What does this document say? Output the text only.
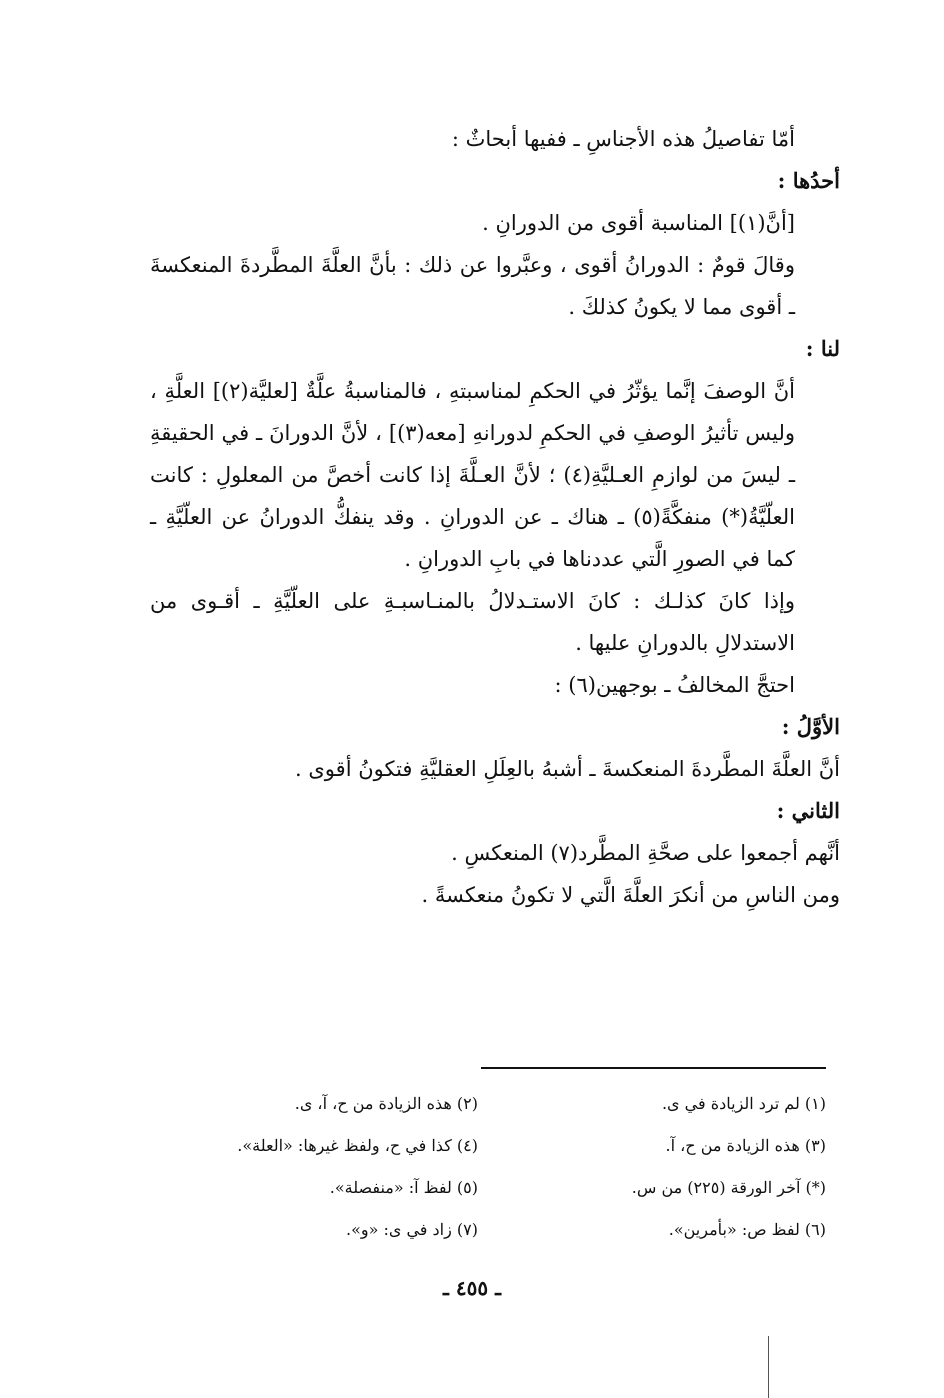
أمّا تفاصيلُ هذه الأجناسِ ـ ففيها أبحاثٌ :

أحدُها :

[أنَّ(١)] المناسبة أقوى من الدورانِ .

وقالَ قومٌ : الدورانُ أقوى ، وعبَّروا عن ذلك : بأنَّ العلَّةَ المطَّردةَ المنعكسةَ ـ أقوى مما لا يكونُ كذلكَ .

لنا :

أنَّ الوصفَ إنَّما يؤثّرُ في الحكمِ لمناسبتهِ ، فالمناسبةُ علَّةٌ [لعليَّة(٢)] العلَّةِ ، وليس تأثيرُ الوصفِ في الحكمِ لدورانهِ [معه(٣)] ، لأنَّ الدورانَ ـ في الحقيقةِ ـ ليسَ من لوازمِ العـليَّةِ(٤) ؛ لأنَّ العـلَّةَ إذا كانت أخصَّ من المعلولِ : كانت العلّيَّةُ(*) منفكَّةً(٥) ـ هناك ـ عن الدورانِ . وقد ينفكُّ الدورانُ عن العلّيَّةِ ـ كما في الصورِ الَّتي عددناها في بابِ الدورانِ .

وإذا كانَ كذلـك : كانَ الاستـدلالُ بالمنـاسبـةِ على العلّيَّةِ ـ أقـوى من الاستدلالِ بالدورانِ عليها .

احتجَّ المخالفُ ـ بوجهين(٦) :

الأوَّلُ :

أنَّ العلَّةَ المطَّردةَ المنعكسةَ ـ أشبهُ بالعِلَلِ العقليَّةِ فتكونُ أقوى .

الثاني :

أنَّهم أجمعوا على صحَّةِ المطَّرد(٧) المنعكسِ .

ومن الناسِ من أنكرَ العلَّةَ الَّتي لا تكونُ منعكسةً .

(١) لم ترد الزيادة في ى.
(٢) هذه الزيادة من ح، آ، ى.
(٣) هذه الزيادة من ح، آ.
(٤) كذا في ح، ولفظ غيرها: «العلة».
(*) آخر الورقة (٢٢٥) من س.
(٥) لفظ آ: «منفصلة».
(٦) لفظ ص: «بأمرين».
(٧) زاد في ى: «و».
ـ ٤٥٥ ـ
